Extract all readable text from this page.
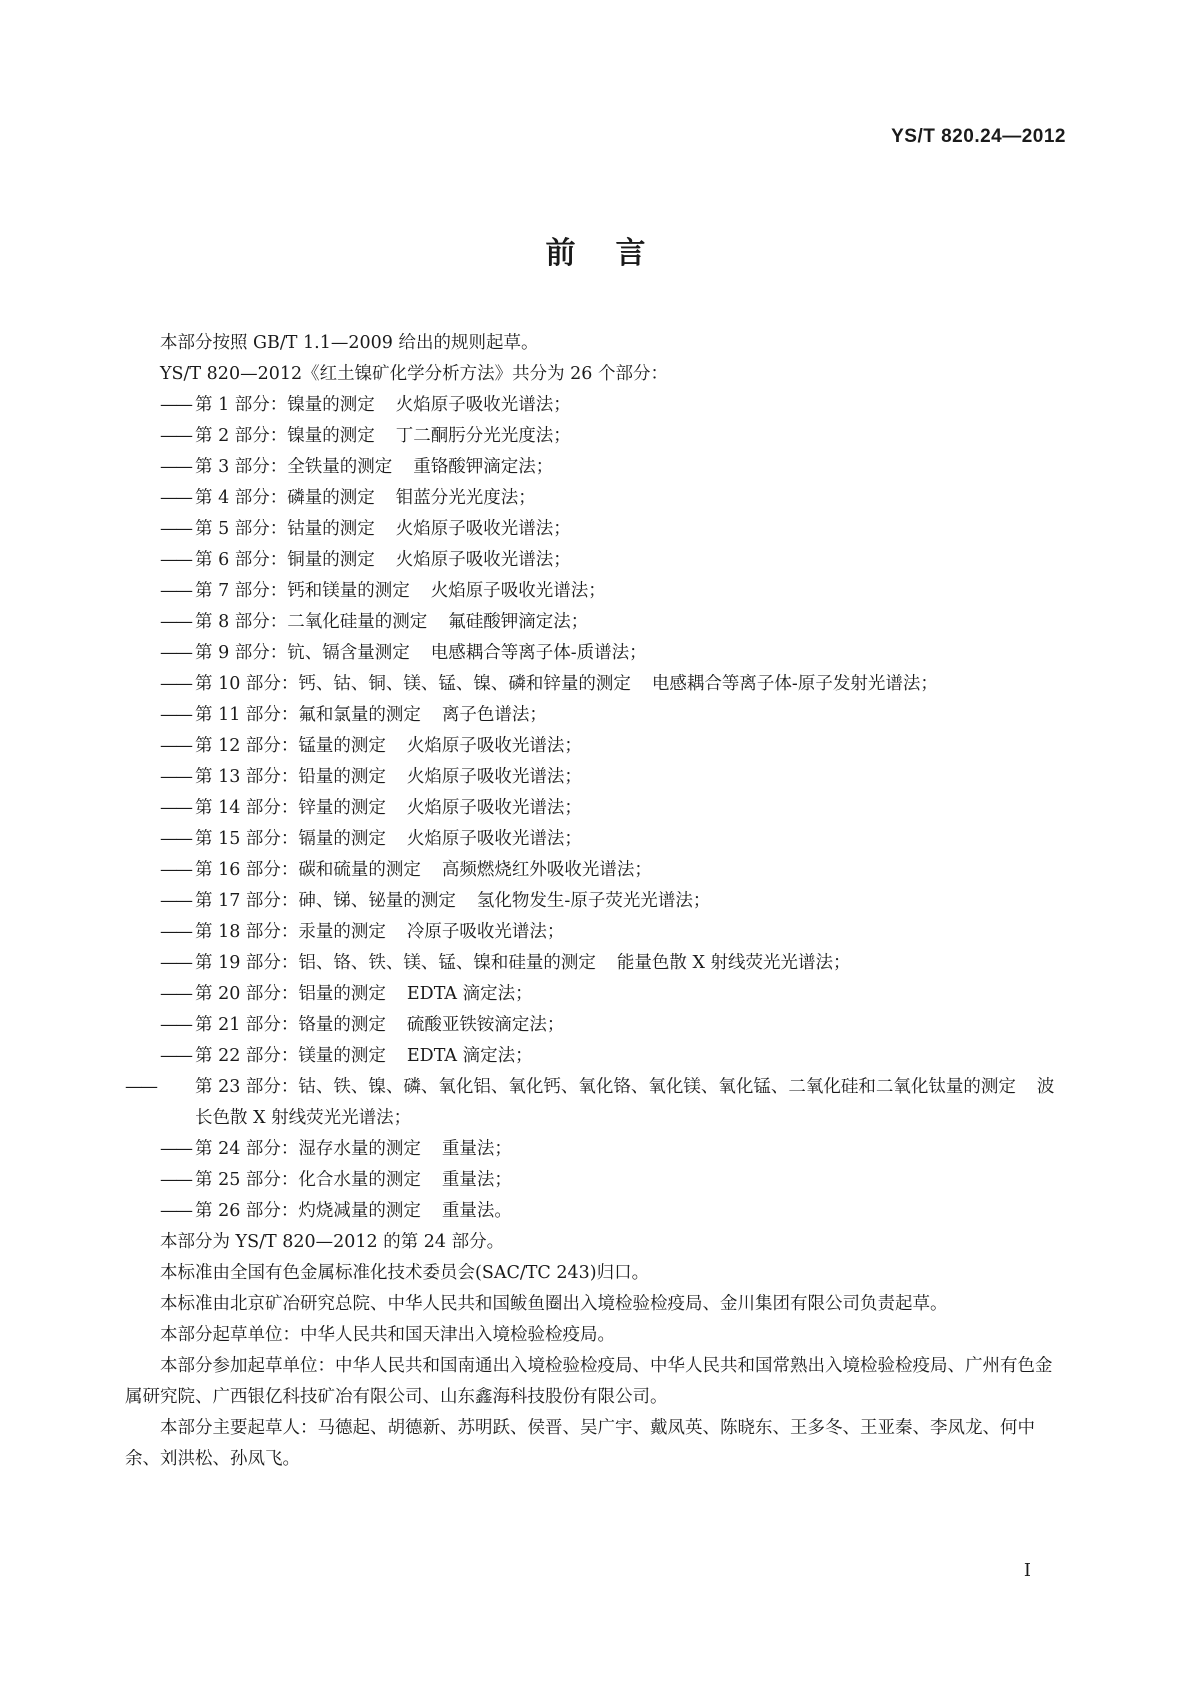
YS/T 820.24—2012
前言

本部分按照 GB/T 1.1—2009 给出的规则起草。

YS/T 820—2012《红土镍矿化学分析方法》共分为 26 个部分：

—— 第 1 部分：镍量的测定 火焰原子吸收光谱法；

—— 第 2 部分：镍量的测定 丁二酮肟分光光度法；

—— 第 3 部分：全铁量的测定 重铬酸钾滴定法；

—— 第 4 部分：磷量的测定 钼蓝分光光度法；

—— 第 5 部分：钴量的测定 火焰原子吸收光谱法；

—— 第 6 部分：铜量的测定 火焰原子吸收光谱法；

—— 第 7 部分：钙和镁量的测定 火焰原子吸收光谱法；

—— 第 8 部分：二氧化硅量的测定 氟硅酸钾滴定法；

—— 第 9 部分：钪、镉含量测定 电感耦合等离子体-质谱法；

—— 第 10 部分：钙、钴、铜、镁、锰、镍、磷和锌量的测定 电感耦合等离子体-原子发射光谱法；

—— 第 11 部分：氟和氯量的测定 离子色谱法；

—— 第 12 部分：锰量的测定 火焰原子吸收光谱法；

—— 第 13 部分：铅量的测定 火焰原子吸收光谱法；

—— 第 14 部分：锌量的测定 火焰原子吸收光谱法；

—— 第 15 部分：镉量的测定 火焰原子吸收光谱法；

—— 第 16 部分：碳和硫量的测定 高频燃烧红外吸收光谱法；

—— 第 17 部分：砷、锑、铋量的测定 氢化物发生-原子荧光光谱法；

—— 第 18 部分：汞量的测定 冷原子吸收光谱法；

—— 第 19 部分：铝、铬、铁、镁、锰、镍和硅量的测定 能量色散 X 射线荧光光谱法；

—— 第 20 部分：铝量的测定 EDTA 滴定法；

—— 第 21 部分：铬量的测定 硫酸亚铁铵滴定法；

—— 第 22 部分：镁量的测定 EDTA 滴定法；

—— 第 23 部分：钴、铁、镍、磷、氧化铝、氧化钙、氧化铬、氧化镁、氧化锰、二氧化硅和二氧化钛量的测定 波长色散 X 射线荧光光谱法；

—— 第 24 部分：湿存水量的测定 重量法；

—— 第 25 部分：化合水量的测定 重量法；

—— 第 26 部分：灼烧减量的测定 重量法。

本部分为 YS/T 820—2012 的第 24 部分。

本标准由全国有色金属标准化技术委员会(SAC/TC 243)归口。

本标准由北京矿冶研究总院、中华人民共和国鲅鱼圈出入境检验检疫局、金川集团有限公司负责起草。

本部分起草单位：中华人民共和国天津出入境检验检疫局。

本部分参加起草单位：中华人民共和国南通出入境检验检疫局、中华人民共和国常熟出入境检验检疫局、广州有色金属研究院、广西银亿科技矿冶有限公司、山东鑫海科技股份有限公司。

本部分主要起草人：马德起、胡德新、苏明跃、侯晋、吴广宇、戴凤英、陈晓东、王多冬、王亚秦、李凤龙、何中余、刘洪松、孙凤飞。

I
